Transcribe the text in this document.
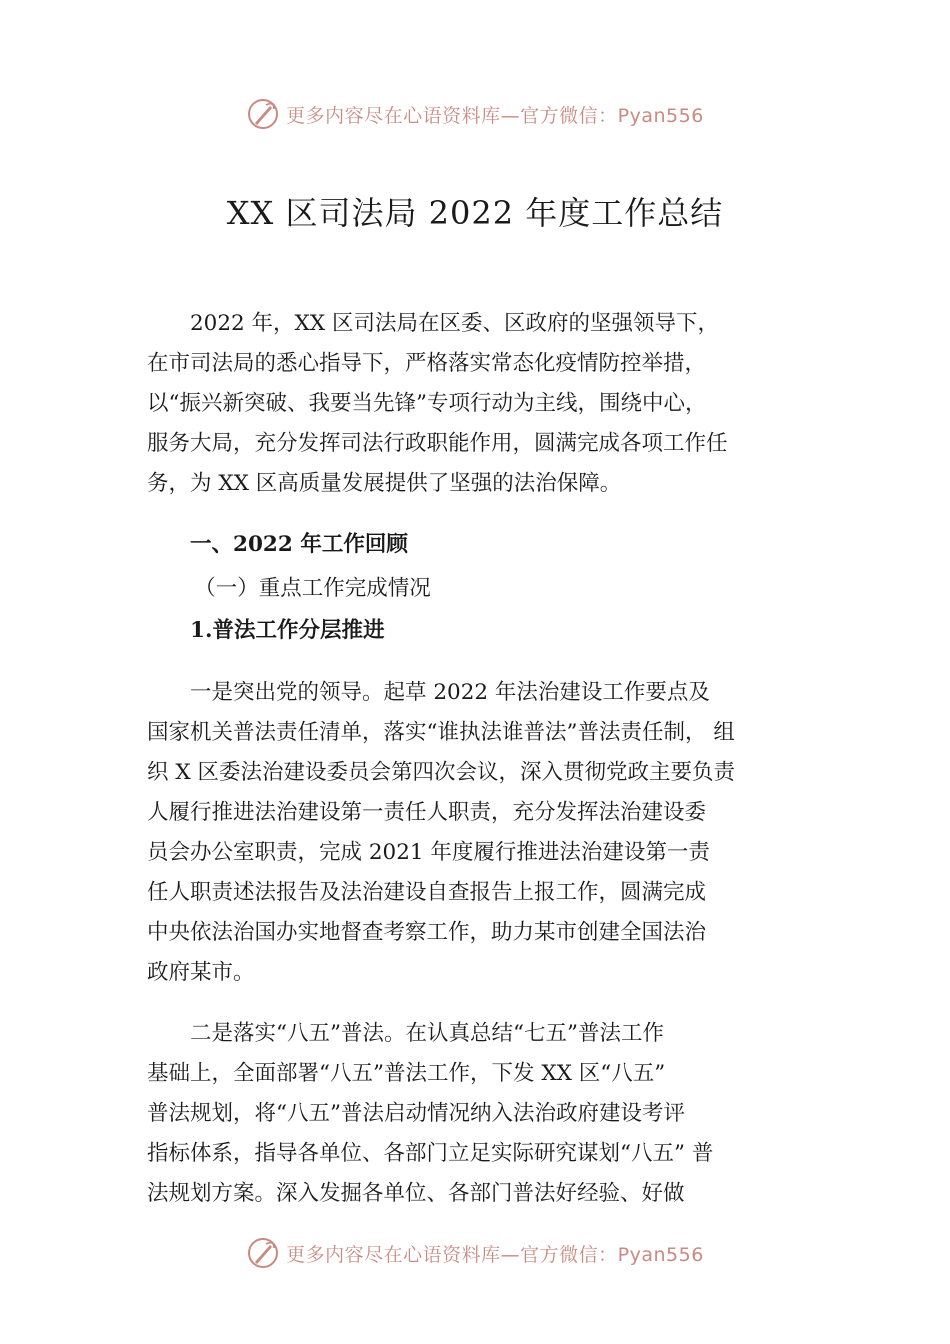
更多内容尽在心语资料库—官方微信：Pyan556
XX 区司法局 2022 年度工作总结

2022 年，XX 区司法局在区委、区政府的坚强领导下，
在市司法局的悉心指导下，严格落实常态化疫情防控举措，
以“振兴新突破、我要当先锋”专项行动为主线，围绕中心，
服务大局，充分发挥司法行政职能作用，圆满完成各项工作任
务，为 XX 区高质量发展提供了坚强的法治保障。

一、2022 年工作回顾

（一）重点工作完成情况

1.普法工作分层推进

一是突出党的领导。起草 2022 年法治建设工作要点及
国家机关普法责任清单，落实“谁执法谁普法”普法责任制， 组
织 X 区委法治建设委员会第四次会议，深入贯彻党政主要负责
人履行推进法治建设第一责任人职责，充分发挥法治建设委
员会办公室职责，完成 2021 年度履行推进法治建设第一责
任人职责述法报告及法治建设自查报告上报工作，圆满完成
中央依法治国办实地督查考察工作，助力某市创建全国法治
政府某市。

二是落实“八五”普法。在认真总结“七五”普法工作
基础上，全面部署“八五”普法工作，下发 XX 区“八五”
普法规划，将“八五”普法启动情况纳入法治政府建设考评
指标体系，指导各单位、各部门立足实际研究谋划“八五” 普
法规划方案。深入发掘各单位、各部门普法好经验、好做

更多内容尽在心语资料库—官方微信：Pyan556
